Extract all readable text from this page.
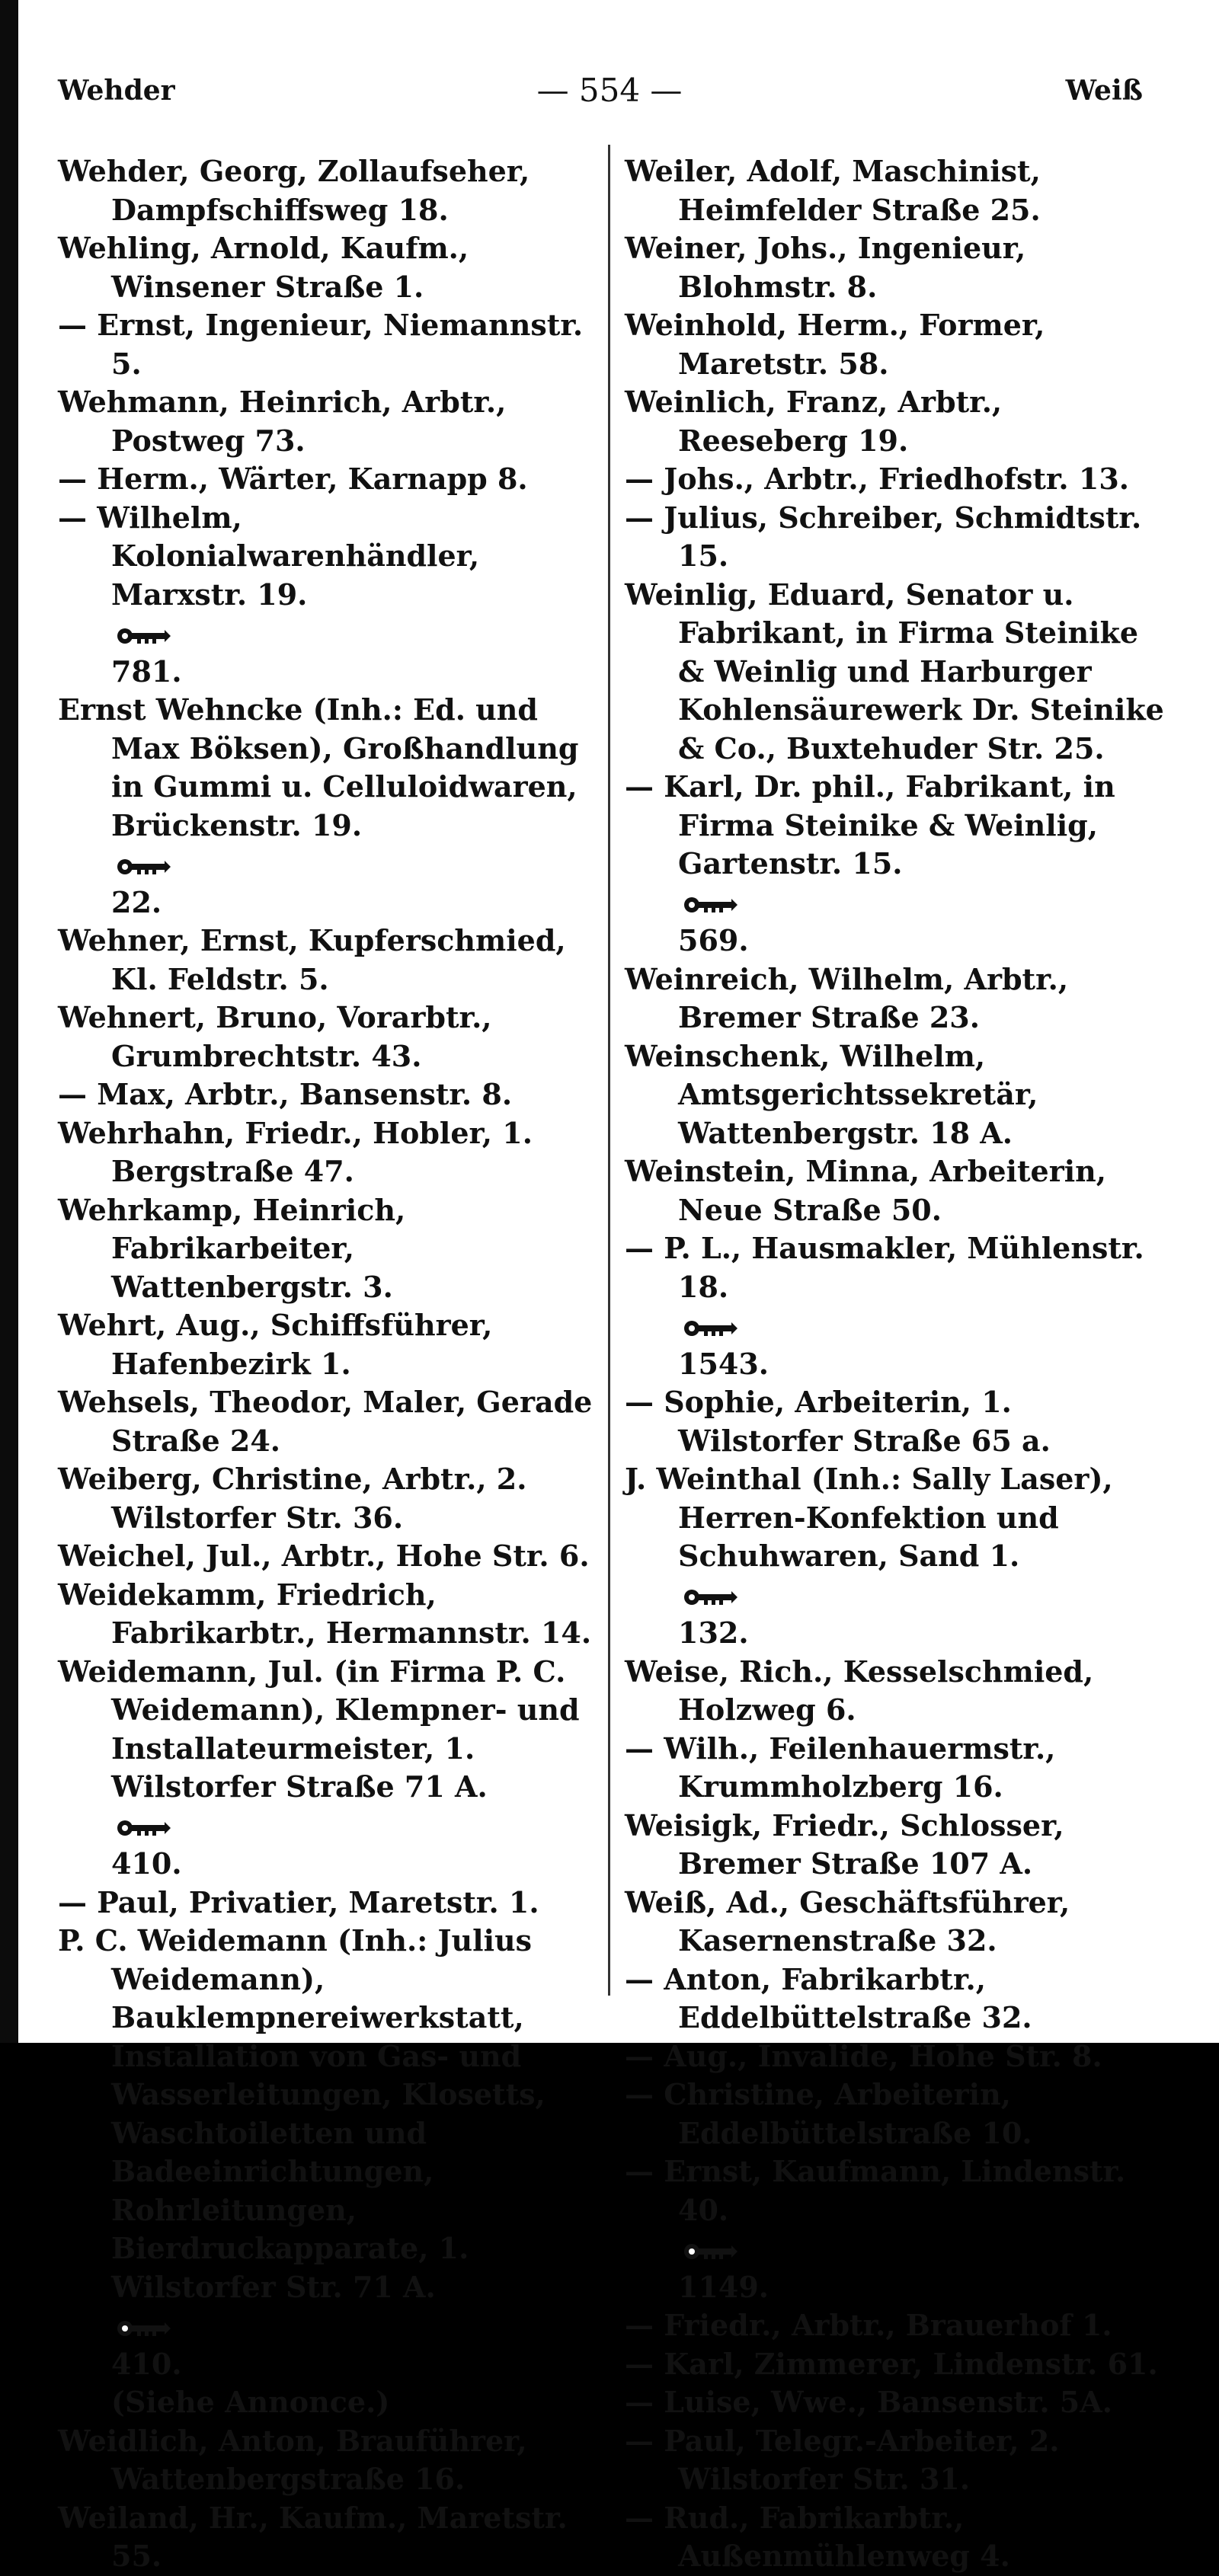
Wehder	— 554 —	Weiß

Wehder, Georg, Zollaufseher, Dampfschiffsweg 18.

Wehling, Arnold, Kaufm., Winsener Straße 1.

— Ernst, Ingenieur, Niemannstr. 5.

Wehmann, Heinrich, Arbtr., Postweg 73.

— Herm., Wärter, Karnapp 8.

— Wilhelm, Kolonialwarenhändler, Marxstr. 19.

781.

Ernst Wehncke (Inh.: Ed. und Max Böksen), Großhandlung in Gummi u. Celluloidwaren, Brückenstr. 19.

22.

Wehner, Ernst, Kupferschmied, Kl. Feldstr. 5.

Wehnert, Bruno, Vorarbtr., Grumbrechtstr. 43.

— Max, Arbtr., Bansenstr. 8.

Wehrhahn, Friedr., Hobler, 1. Bergstraße 47.

Wehrkamp, Heinrich, Fabrikarbeiter, Wattenbergstr. 3.

Wehrt, Aug., Schiffsführer, Hafenbezirk 1.

Wehsels, Theodor, Maler, Gerade Straße 24.

Weiberg, Christine, Arbtr., 2. Wilstorfer Str. 36.

Weichel, Jul., Arbtr., Hohe Str. 6.

Weidekamm, Friedrich, Fabrikarbtr., Hermannstr. 14.

Weidemann, Jul. (in Firma P. C. Weidemann), Klempner- und Installateurmeister, 1. Wilstorfer Straße 71 A.

410.

— Paul, Privatier, Maretstr. 1.

P. C. Weidemann (Inh.: Julius Weidemann), Bauklempnereiwerkstatt, Installation von Gas- und Wasserleitungen, Klosetts, Waschtoiletten und Badeeinrichtungen, Rohrleitungen, Bierdruckapparate, 1. Wilstorfer Str. 71 A.

410.
(Siehe Annonce.)

Weidlich, Anton, Brauführer, Wattenbergstraße 16.

Weiland, Hr., Kaufm., Maretstr. 55.

Weiler, Adolf, Maschinist, Heimfelder Straße 25.

Weiner, Johs., Ingenieur, Blohmstr. 8.

Weinhold, Herm., Former, Maretstr. 58.

Weinlich, Franz, Arbtr., Reeseberg 19.

— Johs., Arbtr., Friedhofstr. 13.

— Julius, Schreiber, Schmidtstr. 15.

Weinlig, Eduard, Senator u. Fabrikant, in Firma Steinike & Weinlig und Harburger Kohlensäurewerk Dr. Steinike & Co., Buxtehuder Str. 25.

— Karl, Dr. phil., Fabrikant, in Firma Steinike & Weinlig, Gartenstr. 15.

569.

Weinreich, Wilhelm, Arbtr., Bremer Straße 23.

Weinschenk, Wilhelm, Amtsgerichtssekretär, Wattenbergstr. 18 A.

Weinstein, Minna, Arbeiterin, Neue Straße 50.

— P. L., Hausmakler, Mühlenstr. 18.

1543.

— Sophie, Arbeiterin, 1. Wilstorfer Straße 65 a.

J. Weinthal (Inh.: Sally Laser), Herren-Konfektion und Schuhwaren, Sand 1.

132.

Weise, Rich., Kesselschmied, Holzweg 6.

— Wilh., Feilenhauermstr., Krummholzberg 16.

Weisigk, Friedr., Schlosser, Bremer Straße 107 A.

Weiß, Ad., Geschäftsführer, Kasernenstraße 32.

— Anton, Fabrikarbtr., Eddelbüttelstraße 32.

— Aug., Invalide, Hohe Str. 8.

— Christine, Arbeiterin, Eddelbüttelstraße 10.

— Ernst, Kaufmann, Lindenstr. 40.

1149.

— Friedr., Arbtr., Brauerhof 1.

— Karl, Zimmerer, Lindenstr. 61.

— Luise, Wwe., Bansenstr. 5A.

— Paul, Telegr.-Arbeiter, 2. Wilstorfer Str. 31.

— Rud., Fabrikarbtr., Außenmühlenweg 4.
